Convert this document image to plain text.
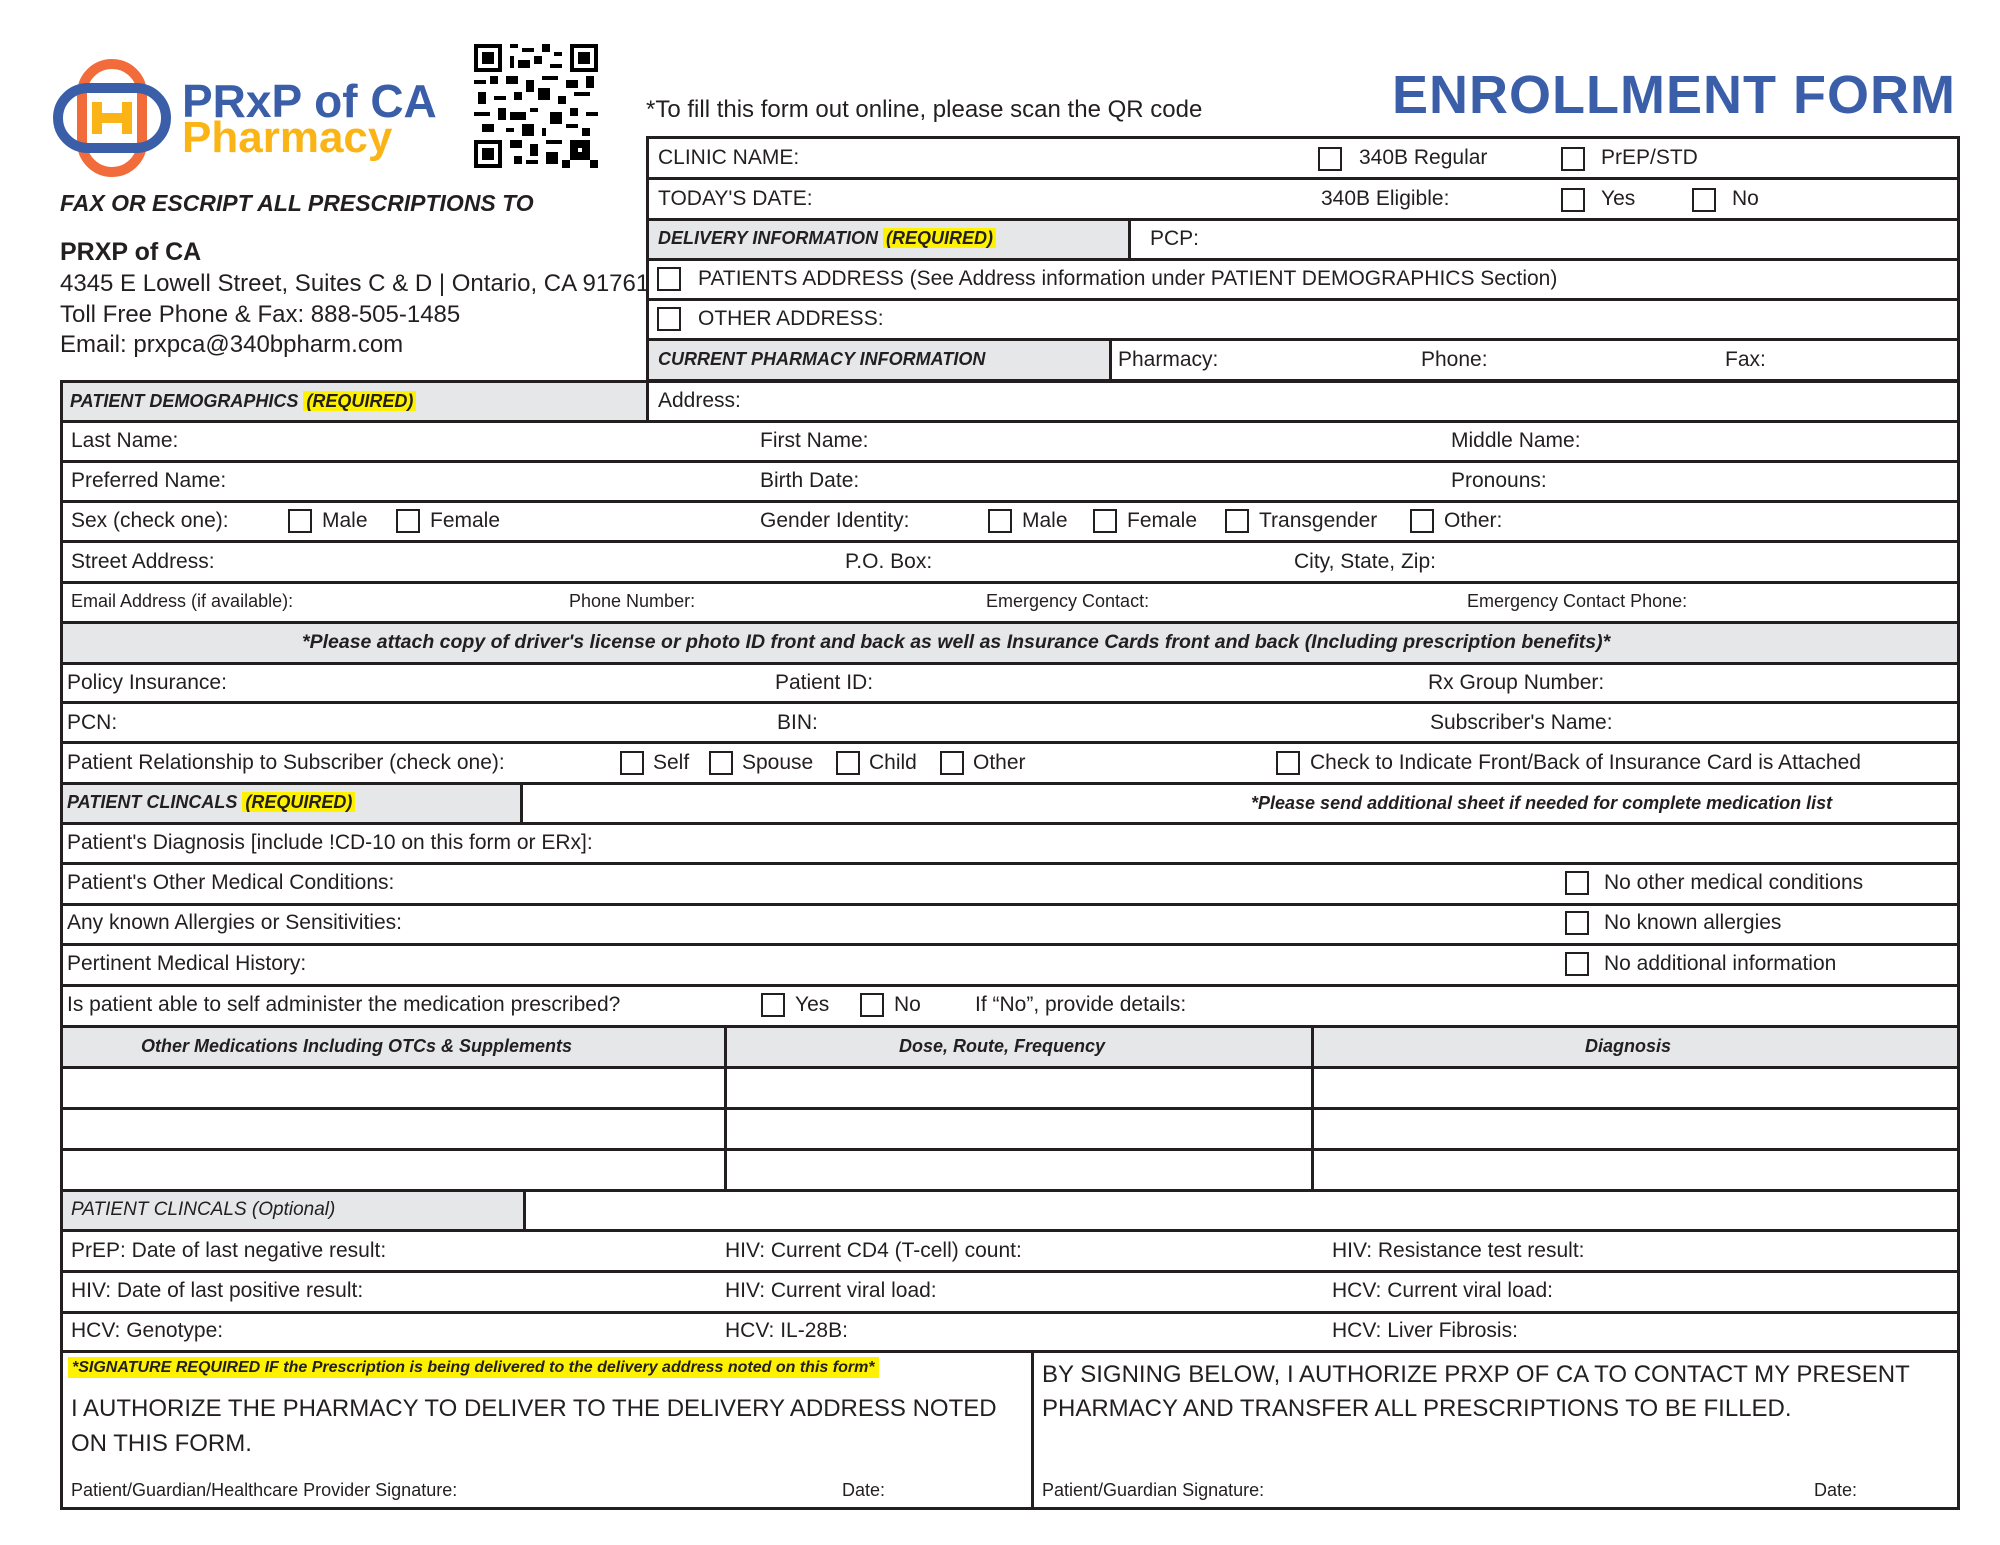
PRxP of CA
Pharmacy
*To fill this form out online, please scan the QR code	ENROLLMENT FORM
FAX OR ESCRIPT ALL PRESCRIPTIONS TO
PRXP of CA
4345 E Lowell Street, Suites C & D | Ontario, CA 91761
Toll Free Phone & Fax: 888-505-1485
Email: prxpca@340bpharm.com
CLINIC NAME:	340B Regular	PrEP/STD
TODAY'S DATE:	340B Eligible:	Yes	No
DELIVERY INFORMATION (REQUIRED)	PCP:
PATIENTS ADDRESS (See Address information under PATIENT DEMOGRAPHICS Section)
OTHER ADDRESS:
CURRENT PHARMACY INFORMATION	Pharmacy:	Phone:	Fax:
Address:
PATIENT DEMOGRAPHICS (REQUIRED)
Last Name:	First Name:	Middle Name:
Preferred Name:	Birth Date:	Pronouns:
Sex (check one):	Male	Female	Gender Identity:	Male	Female	Transgender	Other:
Street Address:	P.O. Box:	City, State, Zip:
Email Address (if available):	Phone Number:	Emergency Contact:	Emergency Contact Phone:
*Please attach copy of driver's license or photo ID front and back as well as Insurance Cards front and back (Including prescription benefits)*
Policy Insurance:	Patient ID:	Rx Group Number:
PCN:	BIN:	Subscriber's Name:
Patient Relationship to Subscriber (check one):	Self	Spouse	Child	Other	Check to Indicate Front/Back of Insurance Card is Attached
PATIENT CLINCALS (REQUIRED)	*Please send additional sheet if needed for complete medication list
Patient's Diagnosis [include !CD-10 on this form or ERx]:
Patient's Other Medical Conditions:	No other medical conditions
Any known Allergies or Sensitivities:	No known allergies
Pertinent Medical History:	No additional information
Is patient able to self administer the medication prescribed?	Yes	No	If “No”, provide details:
Other Medications Including OTCs & Supplements	Dose, Route, Frequency	Diagnosis
PATIENT CLINCALS (Optional)
PrEP: Date of last negative result:	HIV: Current CD4 (T-cell) count:	HIV: Resistance test result:
HIV: Date of last positive result:	HIV: Current viral load:	HCV: Current viral load:
HCV: Genotype:	HCV: IL-28B:	HCV: Liver Fibrosis:
*SIGNATURE REQUIRED IF the Prescription is being delivered to the delivery address noted on this form*
I AUTHORIZE THE PHARMACY TO DELIVER TO THE DELIVERY ADDRESS NOTED
ON THIS FORM.
Patient/Guardian/Healthcare Provider Signature:	Date:
BY SIGNING BELOW, I AUTHORIZE PRXP OF CA TO CONTACT MY PRESENT
PHARMACY AND TRANSFER ALL PRESCRIPTIONS TO BE FILLED.
Patient/Guardian Signature:	Date:
